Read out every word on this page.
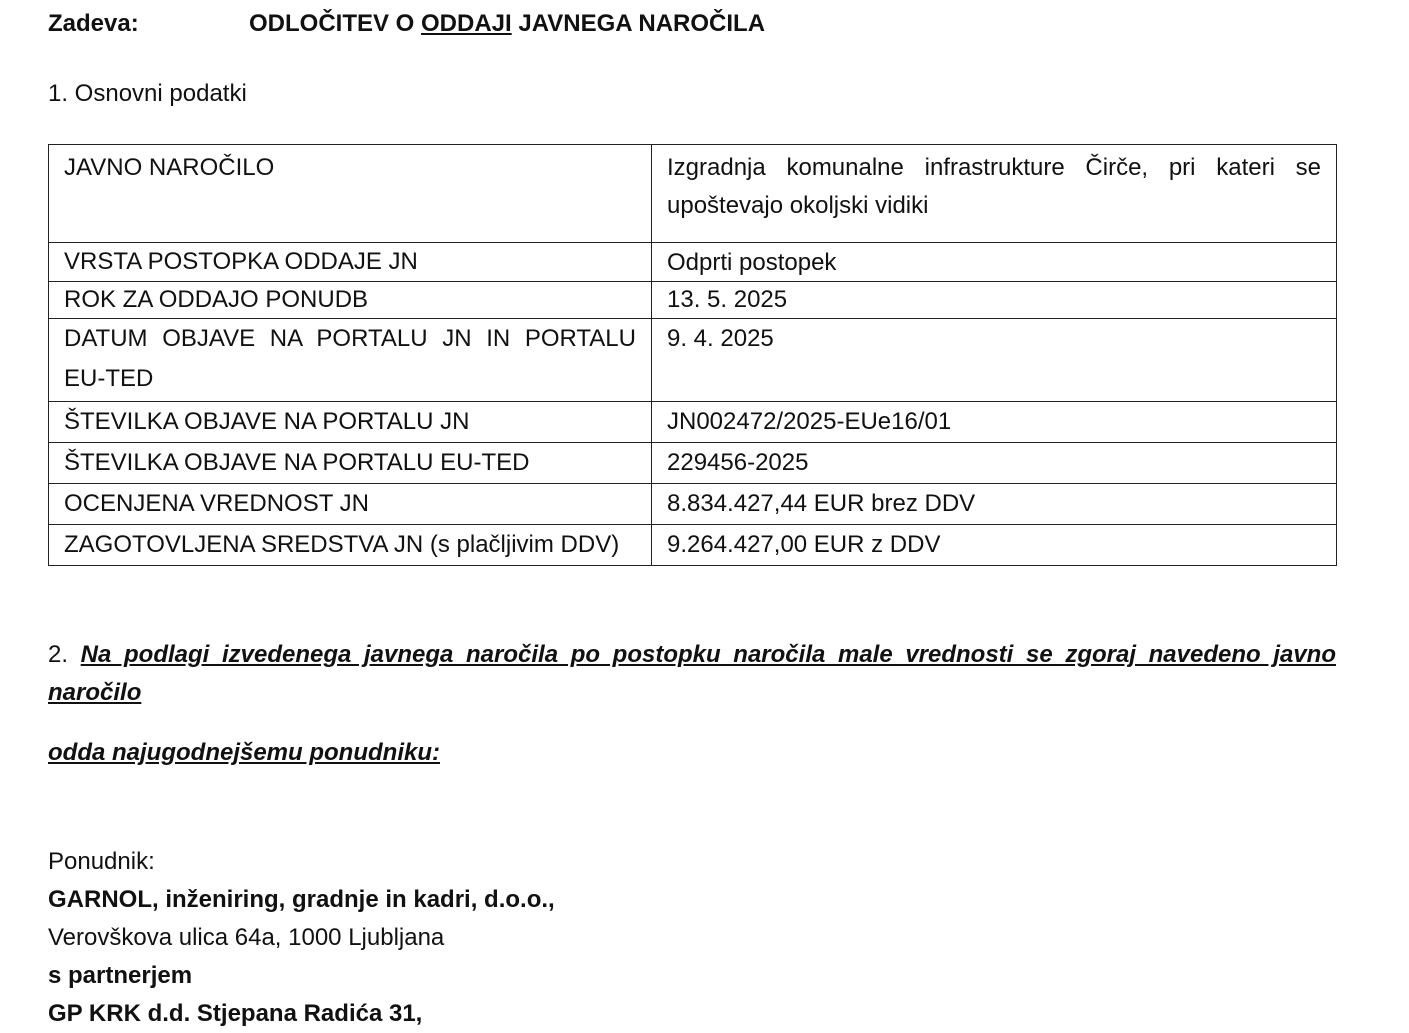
Zadeva:	ODLOČITEV O ODDAJI JAVNEGA NAROČILA
1. Osnovni podatki
JAVNO NAROČILO	Izgradnja komunalne infrastrukture Čirče, pri kateri se upoštevajo okoljski vidiki
VRSTA POSTOPKA ODDAJE JN	Odprti postopek
ROK ZA ODDAJO PONUDB	13. 5. 2025
DATUM OBJAVE NA PORTALU JN IN PORTALU EU-TED	9. 4. 2025
ŠTEVILKA OBJAVE NA PORTALU JN	JN002472/2025-EUe16/01
ŠTEVILKA OBJAVE NA PORTALU EU-TED	229456-2025
OCENJENA VREDNOST JN	8.834.427,44 EUR brez DDV
ZAGOTOVLJENA SREDSTVA JN (s plačljivim DDV)	9.264.427,00 EUR z DDV
2. Na podlagi izvedenega javnega naročila po postopku naročila male vrednosti se zgoraj navedeno javno naročilo
odda najugodnejšemu ponudniku:
Ponudnik:
GARNOL, inženiring, gradnje in kadri, d.o.o.,
Verovškova ulica 64a, 1000 Ljubljana
s partnerjem
GP KRK d.d. Stjepana Radića 31,
